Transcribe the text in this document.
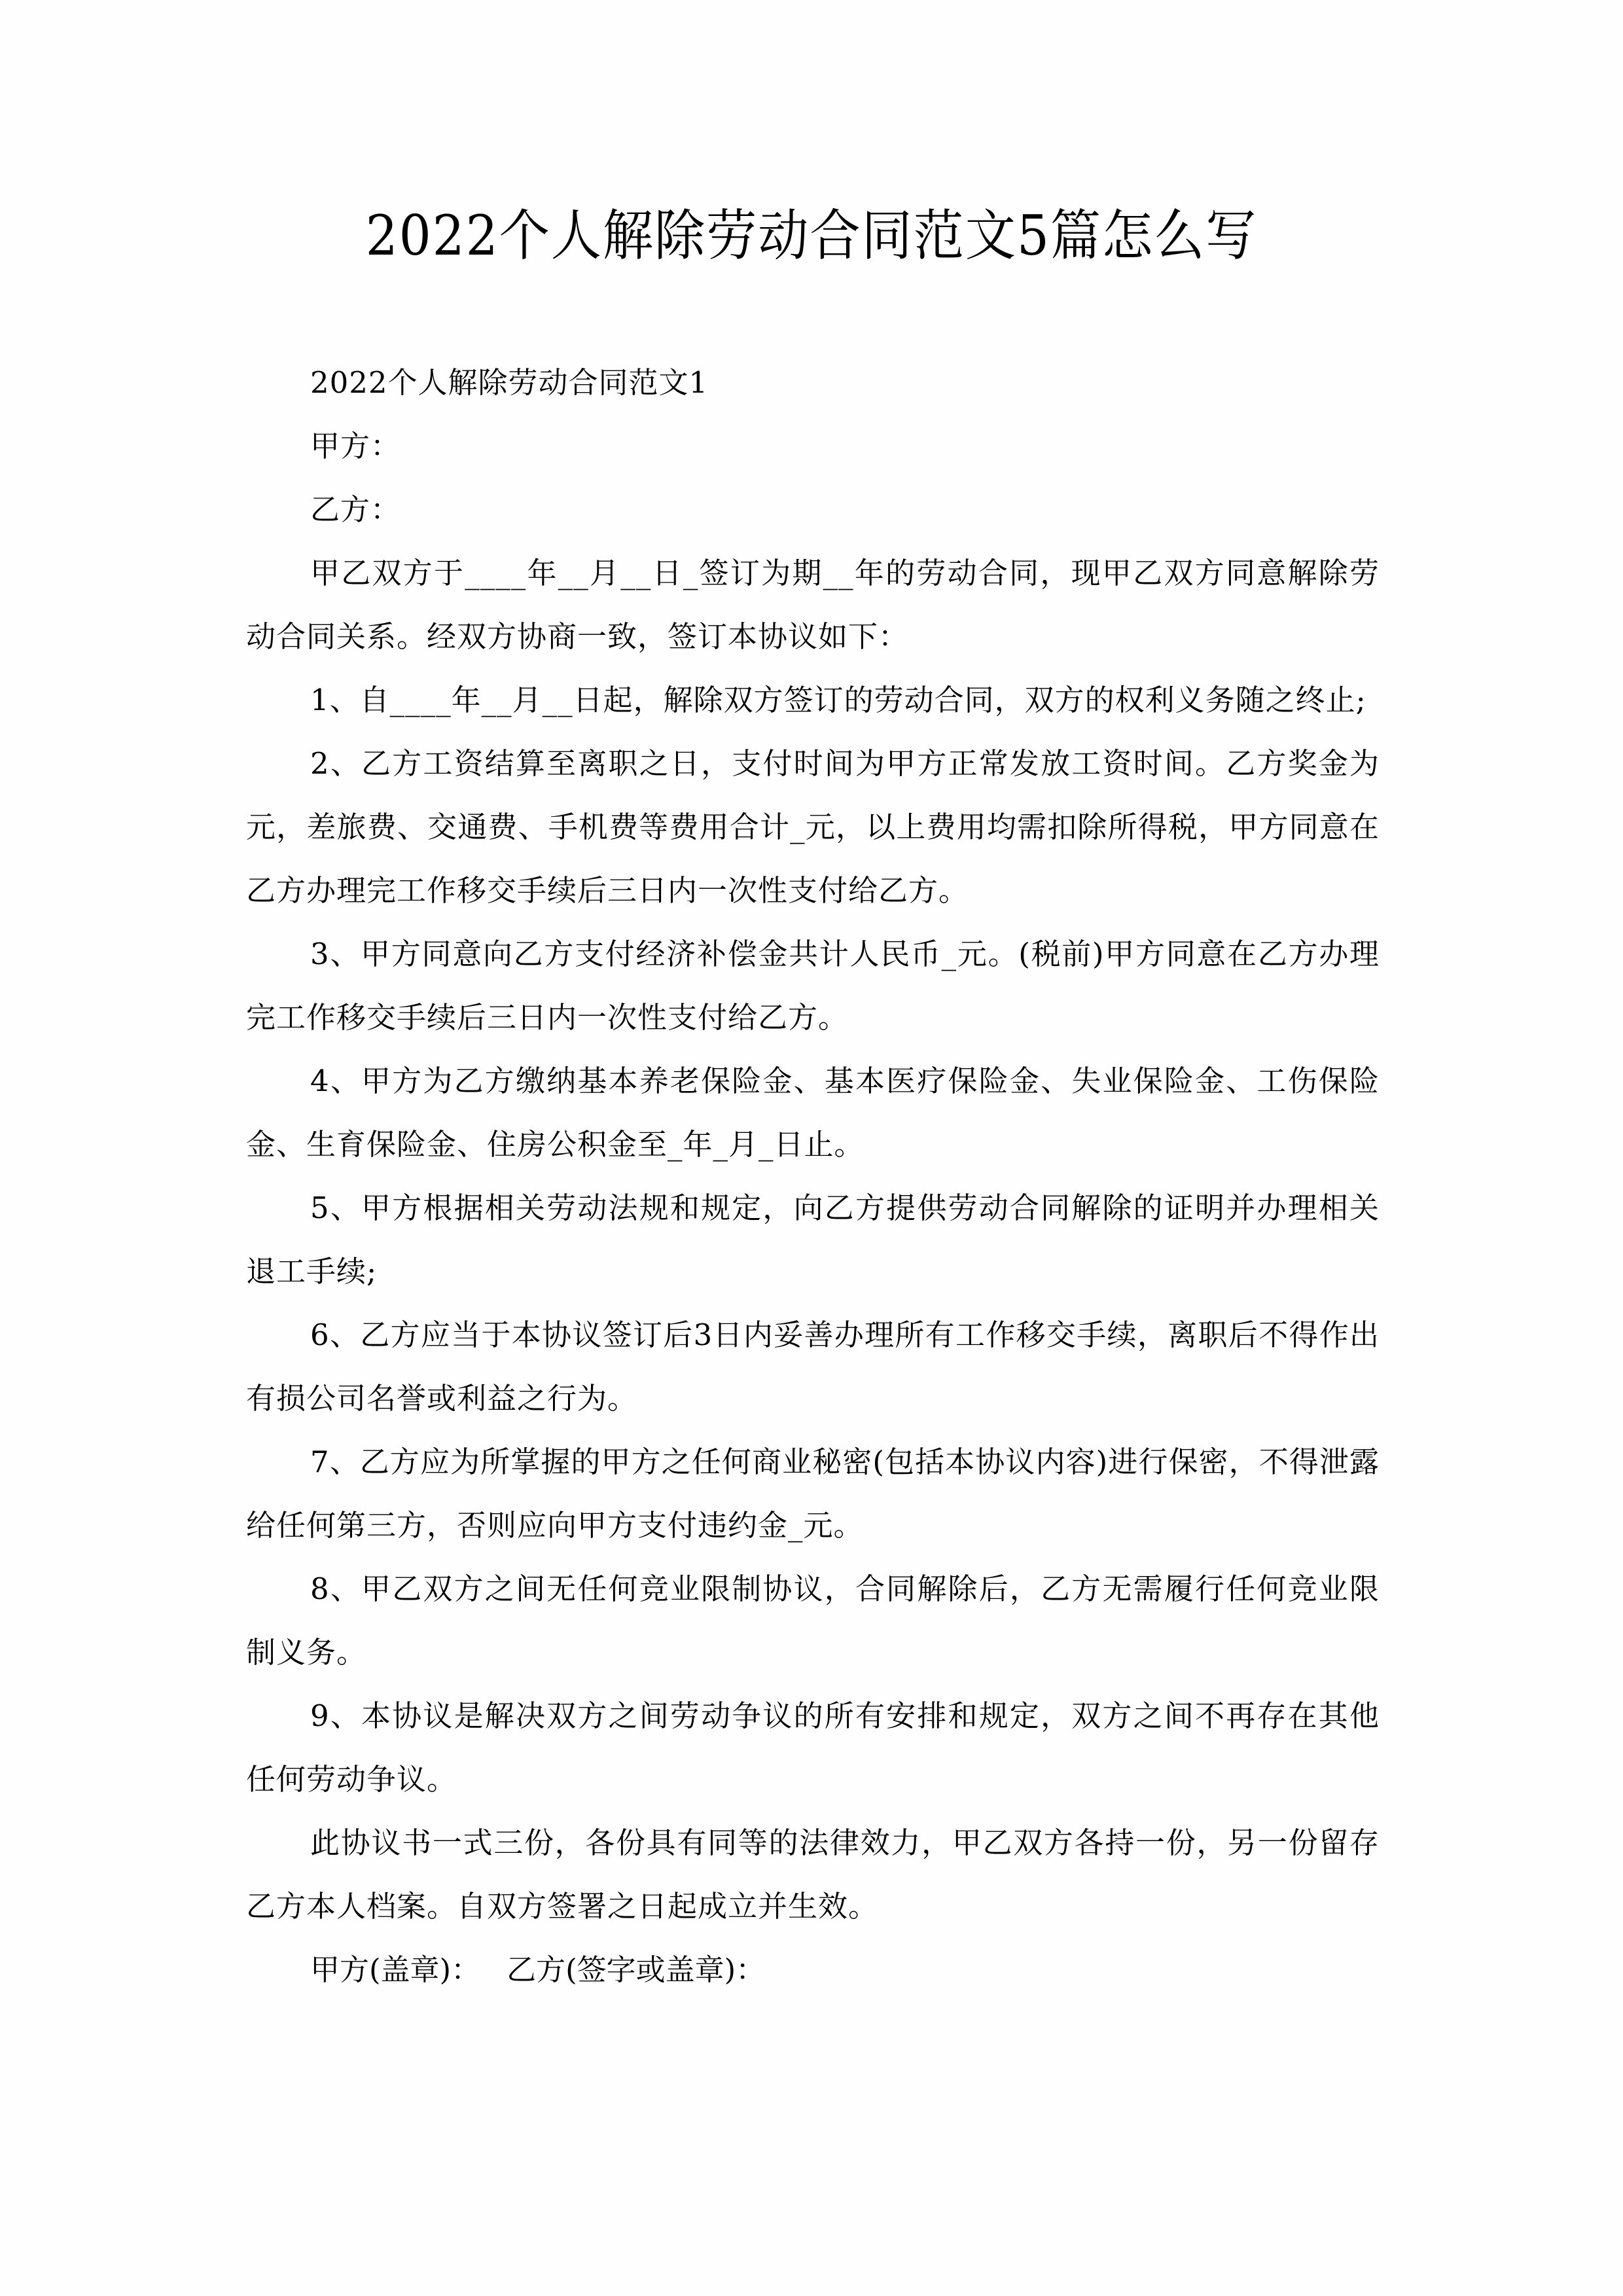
2022个人解除劳动合同范文5篇怎么写

2022个人解除劳动合同范文1

甲方：

乙方：

甲乙双方于____年__月__日_签订为期__年的劳动合同，现甲乙双方同意解除劳动合同关系。经双方协商一致，签订本协议如下：

1、自____年__月__日起，解除双方签订的劳动合同，双方的权利义务随之终止;

2、乙方工资结算至离职之日，支付时间为甲方正常发放工资时间。乙方奖金为元，差旅费、交通费、手机费等费用合计_元，以上费用均需扣除所得税，甲方同意在乙方办理完工作移交手续后三日内一次性支付给乙方。

3、甲方同意向乙方支付经济补偿金共计人民币_元。(税前)甲方同意在乙方办理完工作移交手续后三日内一次性支付给乙方。

4、甲方为乙方缴纳基本养老保险金、基本医疗保险金、失业保险金、工伤保险金、生育保险金、住房公积金至_年_月_日止。

5、甲方根据相关劳动法规和规定，向乙方提供劳动合同解除的证明并办理相关退工手续;

6、乙方应当于本协议签订后3日内妥善办理所有工作移交手续，离职后不得作出有损公司名誉或利益之行为。

7、乙方应为所掌握的甲方之任何商业秘密(包括本协议内容)进行保密，不得泄露给任何第三方，否则应向甲方支付违约金_元。

8、甲乙双方之间无任何竞业限制协议，合同解除后，乙方无需履行任何竞业限制义务。

9、本协议是解决双方之间劳动争议的所有安排和规定，双方之间不再存在其他任何劳动争议。

此协议书一式三份，各份具有同等的法律效力，甲乙双方各持一份，另一份留存乙方本人档案。自双方签署之日起成立并生效。

甲方(盖章)： 乙方(签字或盖章)：
